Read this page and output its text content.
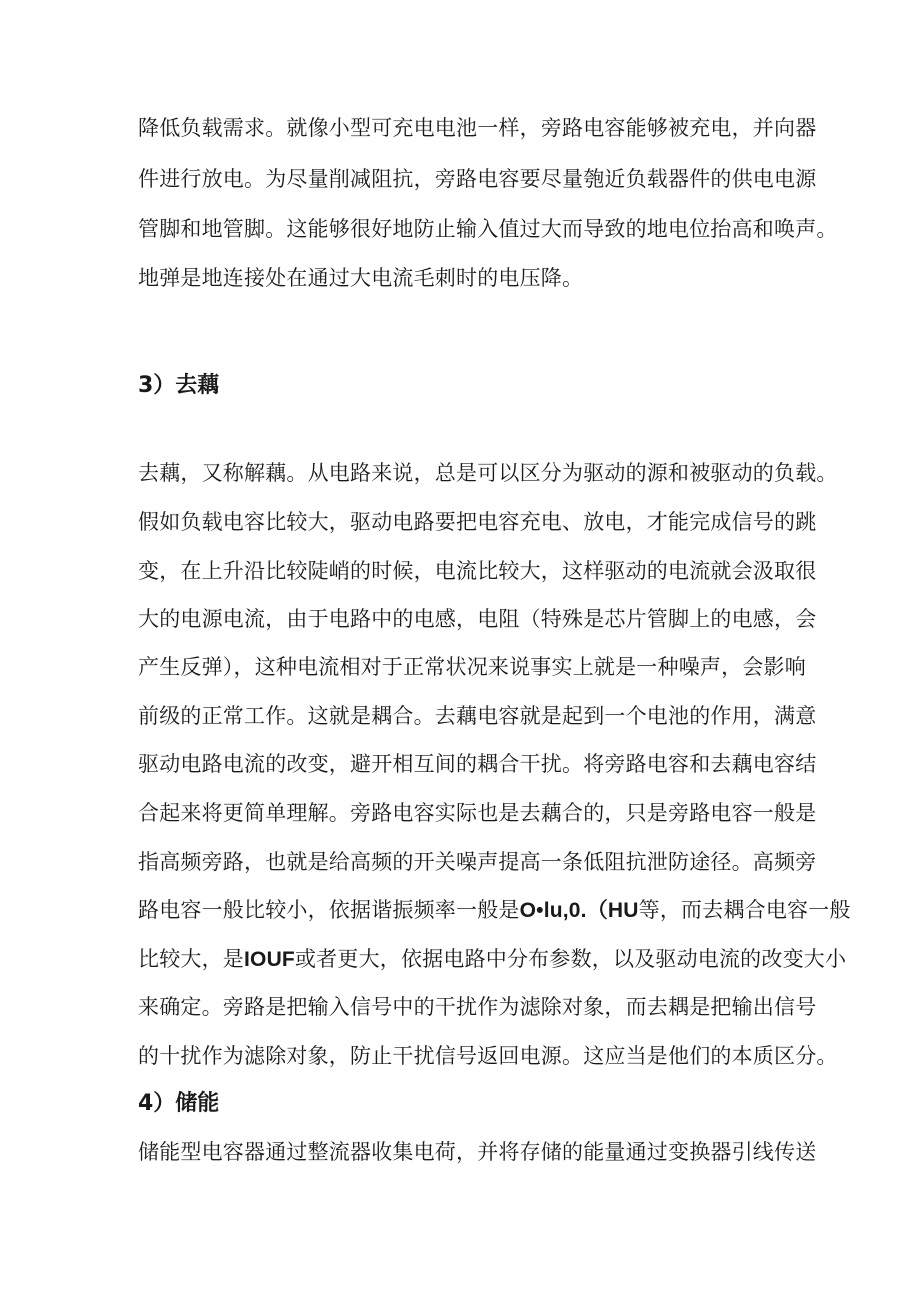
降低负载需求。就像小型可充电电池一样，旁路电容能够被充电，并向器
件进行放电。为尽量削减阻抗，旁路电容要尽量匏近负载器件的供电电源
管脚和地管脚。这能够很好地防止输入值过大而导致的地电位抬高和唤声。
地弹是地连接处在通过大电流毛刺时的电压降。
3）去藕
去藕，又称解藕。从电路来说，总是可以区分为驱动的源和被驱动的负载。
假如负载电容比较大，驱动电路要把电容充电、放电，才能完成信号的跳
变，在上升沿比较陡峭的时候，电流比较大，这样驱动的电流就会汲取很
大的电源电流，由于电路中的电感，电阻（特殊是芯片管脚上的电感，会
产生反弹），这种电流相对于正常状况来说事实上就是一种噪声，会影响
前级的正常工作。这就是耦合。去藕电容就是起到一个电池的作用，满意
驱动电路电流的改变，避开相互间的耦合干扰。将旁路电容和去藕电容结
合起来将更简单理解。旁路电容实际也是去藕合的，只是旁路电容一般是
指高频旁路，也就是给高频的开关噪声提高一条低阻抗泄防途径。高频旁
路电容一般比较小，依据谐振频率一般是O•lu,0.（HU等，而去耦合电容一般
比较大，是IOUF或者更大，依据电路中分布参数，以及驱动电流的改变大小
来确定。旁路是把输入信号中的干扰作为滤除对象，而去耦是把输出信号
的十扰作为滤除对象，防止干扰信号返回电源。这应当是他们的本质区分。
4）储能
储能型电容器通过整流器收集电荷，并将存储的能量通过变换器引线传送
